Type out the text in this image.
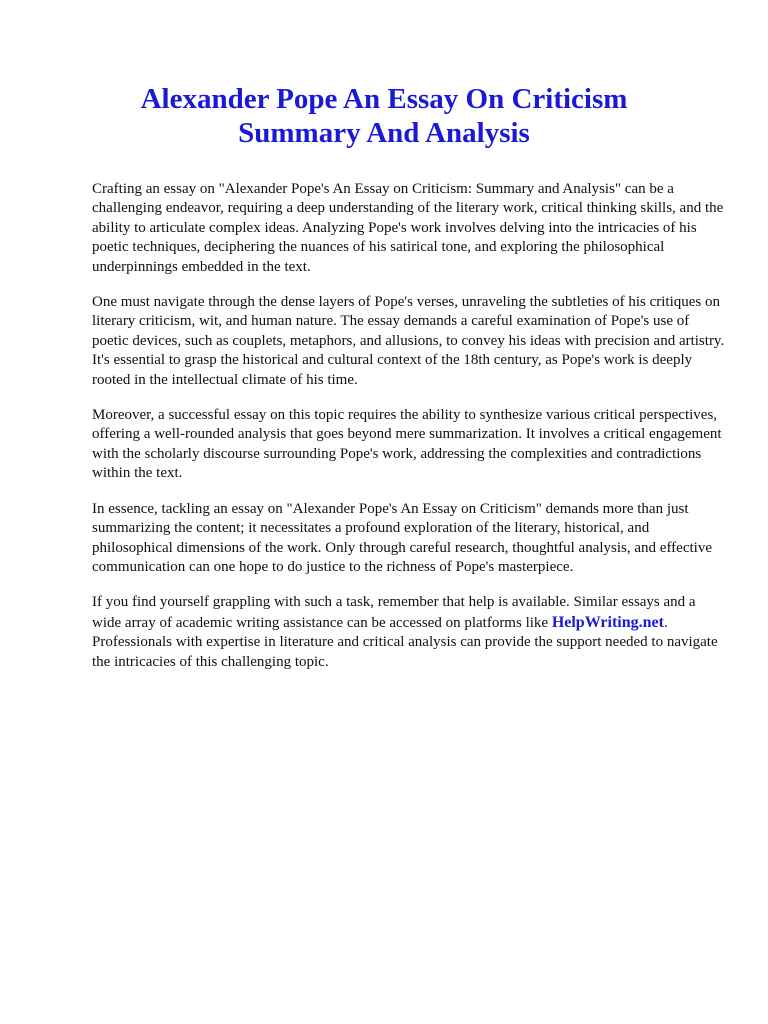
Alexander Pope An Essay On Criticism
Summary And Analysis

Crafting an essay on "Alexander Pope's An Essay on Criticism: Summary and Analysis" can be a challenging endeavor, requiring a deep understanding of the literary work, critical thinking skills, and the ability to articulate complex ideas. Analyzing Pope's work involves delving into the intricacies of his poetic techniques, deciphering the nuances of his satirical tone, and exploring the philosophical underpinnings embedded in the text.

One must navigate through the dense layers of Pope's verses, unraveling the subtleties of his critiques on literary criticism, wit, and human nature. The essay demands a careful examination of Pope's use of poetic devices, such as couplets, metaphors, and allusions, to convey his ideas with precision and artistry. It's essential to grasp the historical and cultural context of the 18th century, as Pope's work is deeply rooted in the intellectual climate of his time.

Moreover, a successful essay on this topic requires the ability to synthesize various critical perspectives, offering a well-rounded analysis that goes beyond mere summarization. It involves a critical engagement with the scholarly discourse surrounding Pope's work, addressing the complexities and contradictions within the text.

In essence, tackling an essay on "Alexander Pope's An Essay on Criticism" demands more than just summarizing the content; it necessitates a profound exploration of the literary, historical, and philosophical dimensions of the work. Only through careful research, thoughtful analysis, and effective communication can one hope to do justice to the richness of Pope's masterpiece.

If you find yourself grappling with such a task, remember that help is available. Similar essays and a wide array of academic writing assistance can be accessed on platforms like HelpWriting.net. Professionals with expertise in literature and critical analysis can provide the support needed to navigate the intricacies of this challenging topic.
